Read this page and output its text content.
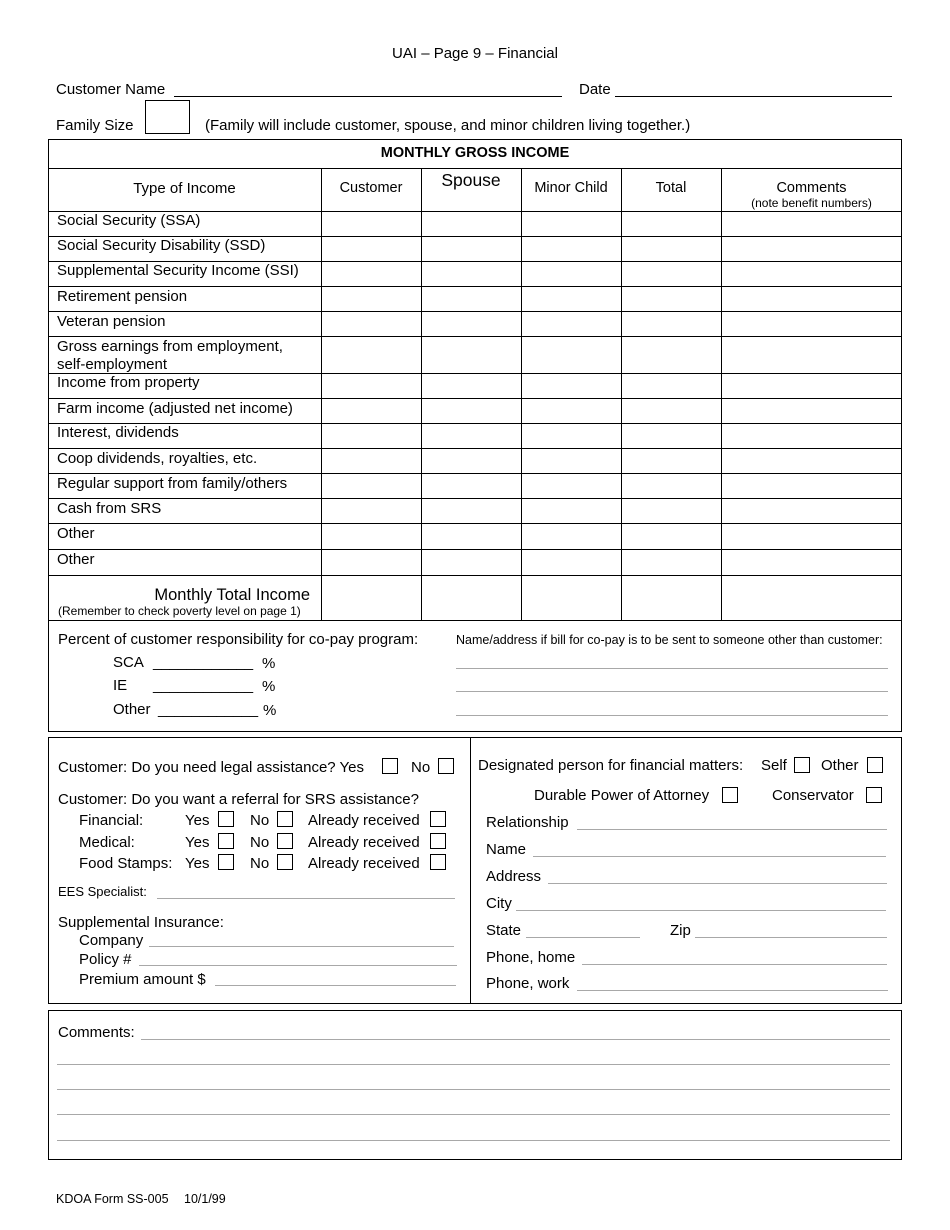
UAI – Page 9 – Financial
Customer Name	Date
Family Size	(Family will include customer, spouse, and minor children living together.)
MONTHLY GROSS INCOME
Type of Income	Customer	Spouse	Minor Child	Total	Comments
(note benefit numbers)
Social Security (SSA)
Social Security Disability (SSD)
Supplemental Security Income (SSI)
Retirement pension
Veteran pension
Gross earnings from employment,
self-employment
Income from property
Farm income (adjusted net income)
Interest, dividends
Coop dividends, royalties, etc.
Regular support from family/others
Cash from SRS
Other
Other
Monthly Total Income
(Remember to check poverty level on page 1)
Percent of customer responsibility for co-pay program:
SCA ____________ %
IE ____________ %
Other ____________ %
Name/address if bill for co-pay is to be sent to someone other than customer:
Customer: Do you need legal assistance? Yes	No
Customer: Do you want a referral for SRS assistance?
Financial:	Yes	No	Already received
Medical:	Yes	No	Already received
Food Stamps: Yes	No	Already received
EES Specialist:
Supplemental Insurance:
Company
Policy #
Premium amount $
Designated person for financial matters: Self Other
Durable Power of Attorney	Conservator
Relationship
Name
Address
City
State	Zip
Phone, home
Phone, work
Comments:
KDOA Form SS-005 10/1/99
